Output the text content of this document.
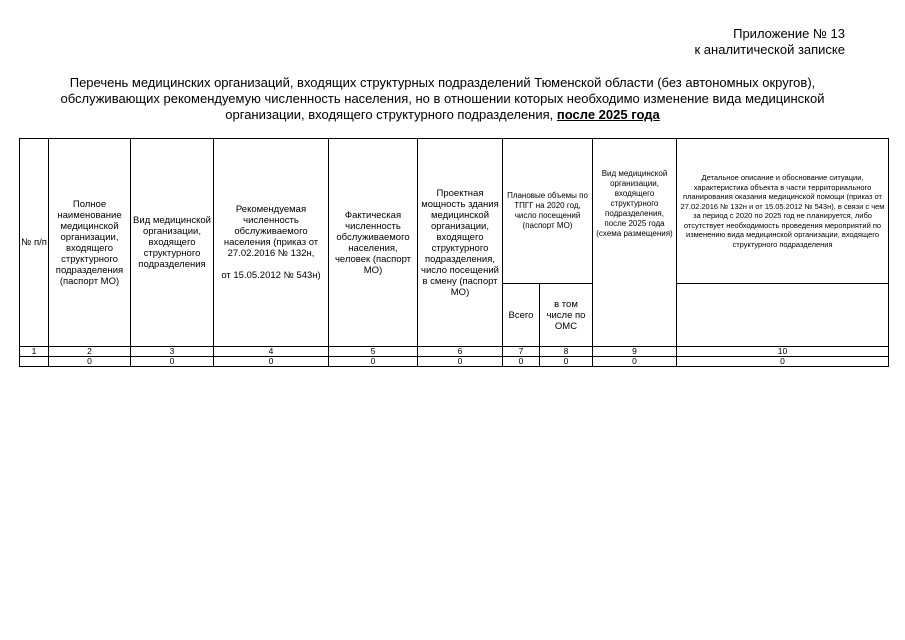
Приложение № 13
к аналитической записке
Перечень медицинских организаций, входящих структурных подразделений Тюменской области (без автономных округов), обслуживающих рекомендуемую численность населения, но в отношении которых необходимо изменение вида медицинской организации, входящего структурного подразделения, после 2025 года
№ п/п	Полное наименование медицинской организации, входящего структурного подразделения (паспорт МО)	Вид медицинской организации, входящего структурного подразделения	Рекомендуемая численность обслуживаемого населения (приказ от 27.02.2016 № 132н,

от 15.05.2012 № 543н)	Фактическая численность обслуживаемого населения, человек (паспорт МО)	Проектная мощность здания медицинской организации, входящего структурного подразделения, число посещений в смену (паспорт МО)	Плановые объемы по ТПГГ на 2020 год, число посещений (паспорт МО)		Вид медицинской организации, входящего структурного подразделения, после 2025 года (схема размещения)	Детальное описание и обоснование ситуации, характеристика объекта в части территориального планирования оказания медицинской помощи (приказ от 27.02.2016 № 132н и от 15.05.2012 № 543н), в связи с чем за период с 2020 по 2025 год не планируется, либо отсутствует необходимость проведения мероприятий по изменению вида медицинской организации, входящего структурного подразделения
						Всего	в том числе по ОМС		
1	2	3	4	5	6	7	8	9	10
	0	0	0	0	0	0	0	0	0
